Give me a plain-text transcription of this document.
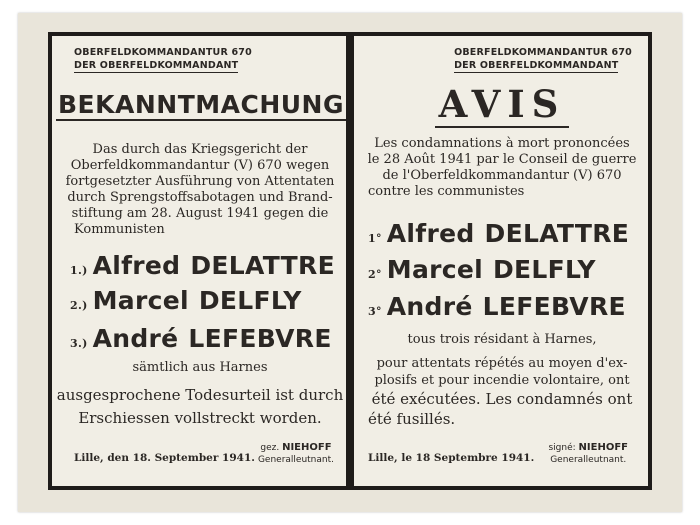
OBERFELDKOMMANDANTUR 670
DER OBERFELDKOMMANDANT
BEKANNTMACHUNG
Das durch das Kriegsgericht der
Oberfeldkommandantur (V) 670 wegen
fortgesetzter Ausführung von Attentaten
durch Sprengstoffsabotagen und Brand-
stiftung am 28. August 1941 gegen die
Kommunisten
1.) Alfred DELATTRE
2.) Marcel DELFLY
3.) André LEFEBVRE
sämtlich aus Harnes
ausgesprochene Todesurteil ist durch
Erschiessen vollstreckt worden.
Lille, den 18. September 1941.
gez. NIEHOFF
Generalleutnant.
OBERFELDKOMMANDANTUR 670
DER OBERFELDKOMMANDANT
AVIS
Les condamnations à mort prononcées
le 28 Août 1941 par le Conseil de guerre
de l'Oberfeldkommandantur (V) 670
contre les communistes
1° Alfred DELATTRE
2° Marcel DELFLY
3° André LEFEBVRE
tous trois résidant à Harnes,
pour attentats répétés au moyen d'ex-
plosifs et pour incendie volontaire, ont
été exécutées. Les condamnés ont
été fusillés.
Lille, le 18 Septembre 1941.
signé: NIEHOFF
Generalleutnant.
